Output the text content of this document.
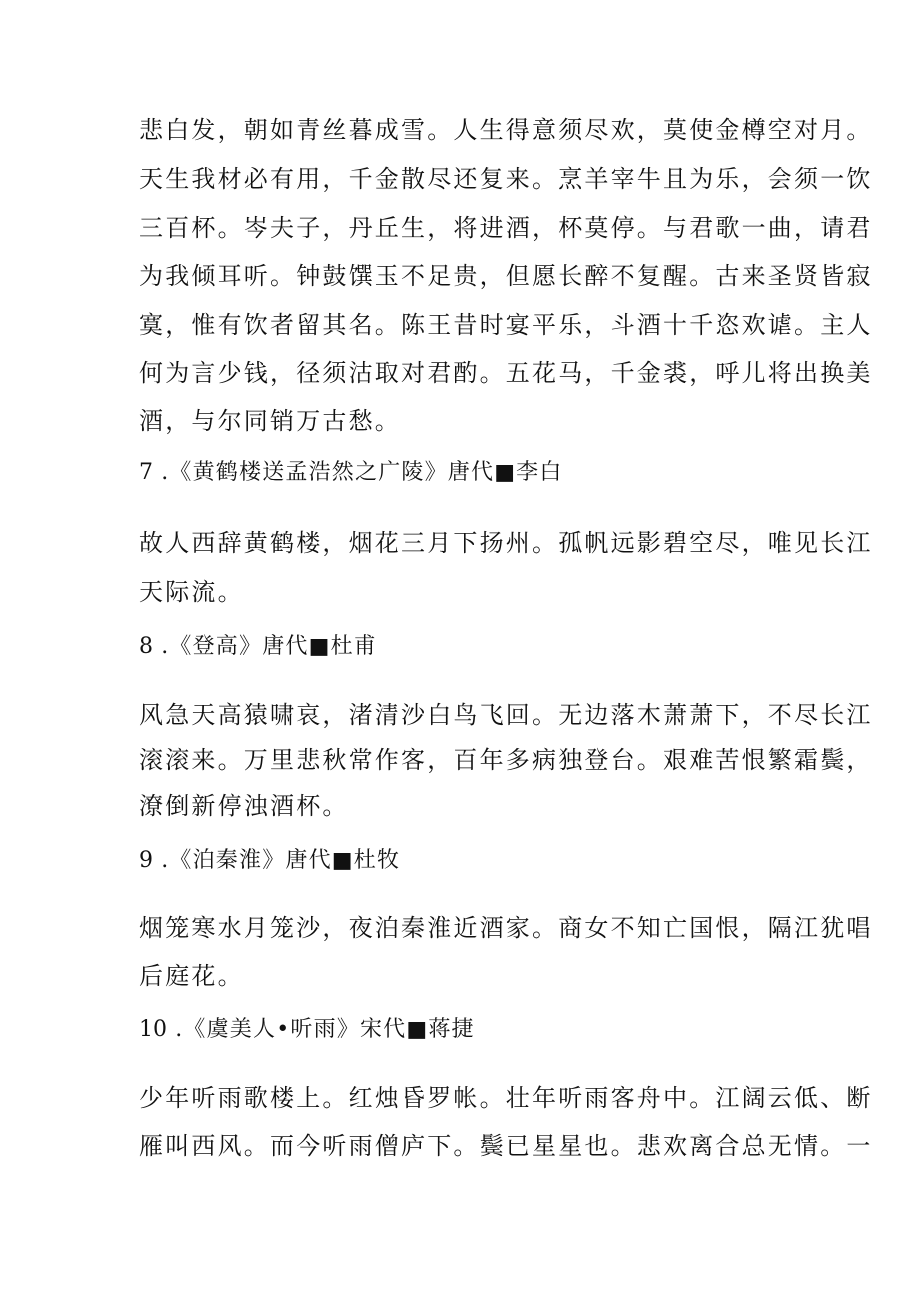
悲白发，朝如青丝暮成雪。人生得意须尽欢，莫使金樽空对月。
天生我材必有用，千金散尽还复来。烹羊宰牛且为乐，会须一饮
三百杯。岑夫子，丹丘生，将进酒，杯莫停。与君歌一曲，请君
为我倾耳听。钟鼓馔玉不足贵，但愿长醉不复醒。古来圣贤皆寂
寞，惟有饮者留其名。陈王昔时宴平乐，斗酒十千恣欢谑。主人
何为言少钱，径须沽取对君酌。五花马，千金裘，呼儿将出换美
酒，与尔同销万古愁。
7 .《黄鹤楼送孟浩然之广陵》唐代■李白
故人西辞黄鹤楼，烟花三月下扬州。孤帆远影碧空尽，唯见长江
天际流。
8 .《登高》唐代■杜甫
风急天高猿啸哀，渚清沙白鸟飞回。无边落木萧萧下，不尽长江
滚滚来。万里悲秋常作客，百年多病独登台。艰难苦恨繁霜鬓，
潦倒新停浊酒杯。
9 .《泊秦淮》唐代■杜牧
烟笼寒水月笼沙，夜泊秦淮近酒家。商女不知亡国恨，隔江犹唱
后庭花。
10 .《虞美人•听雨》宋代■蒋捷
少年听雨歌楼上。红烛昏罗帐。壮年听雨客舟中。江阔云低、断
雁叫西风。而今听雨僧庐下。鬓已星星也。悲欢离合总无情。一
